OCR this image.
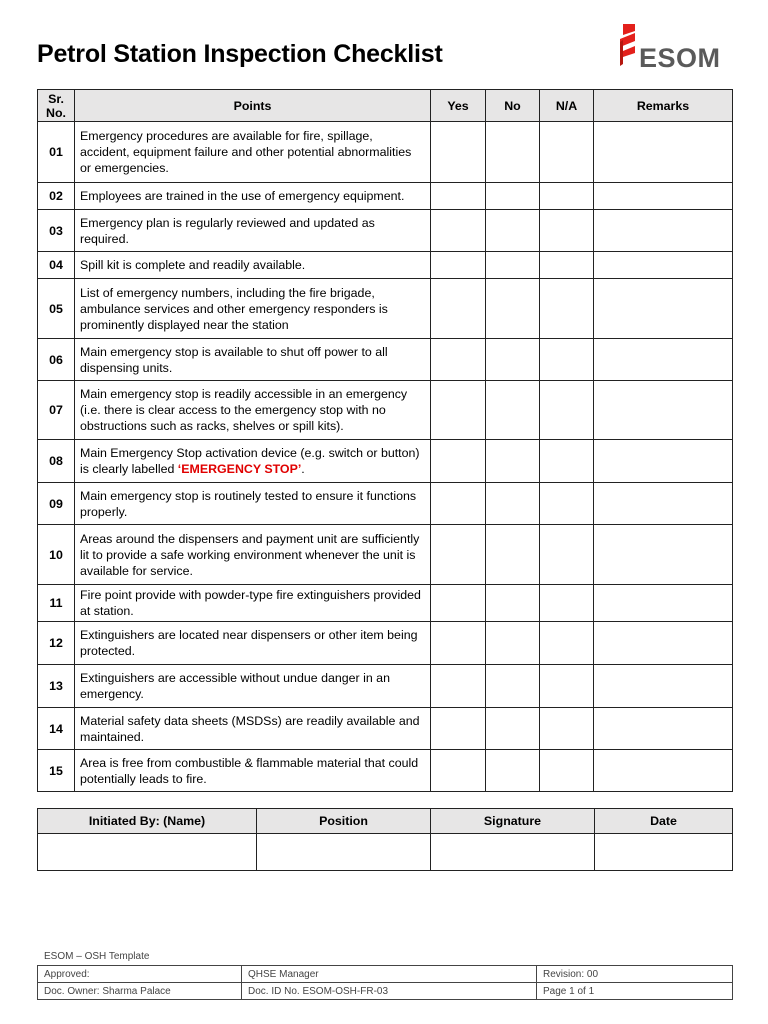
Petrol Station Inspection Checklist	ESOM
Sr. No.	Points	Yes	No	N/A	Remarks
01	Emergency procedures are available for fire, spillage, accident, equipment failure and other potential abnormalities or emergencies.				
02	Employees are trained in the use of emergency equipment.				
03	Emergency plan is regularly reviewed and updated as required.				
04	Spill kit is complete and readily available.				
05	List of emergency numbers, including the fire brigade, ambulance services and other emergency responders is prominently displayed near the station				
06	Main emergency stop is available to shut off power to all dispensing units.				
07	Main emergency stop is readily accessible in an emergency (i.e. there is clear access to the emergency stop with no obstructions such as racks, shelves or spill kits).				
08	Main Emergency Stop activation device (e.g. switch or button) is clearly labelled ‘EMERGENCY STOP’.				
09	Main emergency stop is routinely tested to ensure it functions properly.				
10	Areas around the dispensers and payment unit are sufficiently lit to provide a safe working environment whenever the unit is available for service.				
11	Fire point provide with powder-type fire extinguishers provided at station.				
12	Extinguishers are located near dispensers or other item being protected.				
13	Extinguishers are accessible without undue danger in an emergency.				
14	Material safety data sheets (MSDSs) are readily available and maintained.				
15	Area is free from combustible & flammable material that could potentially leads to fire.				
Initiated By: (Name)	Position	Signature	Date

ESOM – OSH Template
Approved:	QHSE Manager	Revision: 00
Doc. Owner: Sharma Palace	Doc. ID No. ESOM-OSH-FR-03	Page 1 of 1
